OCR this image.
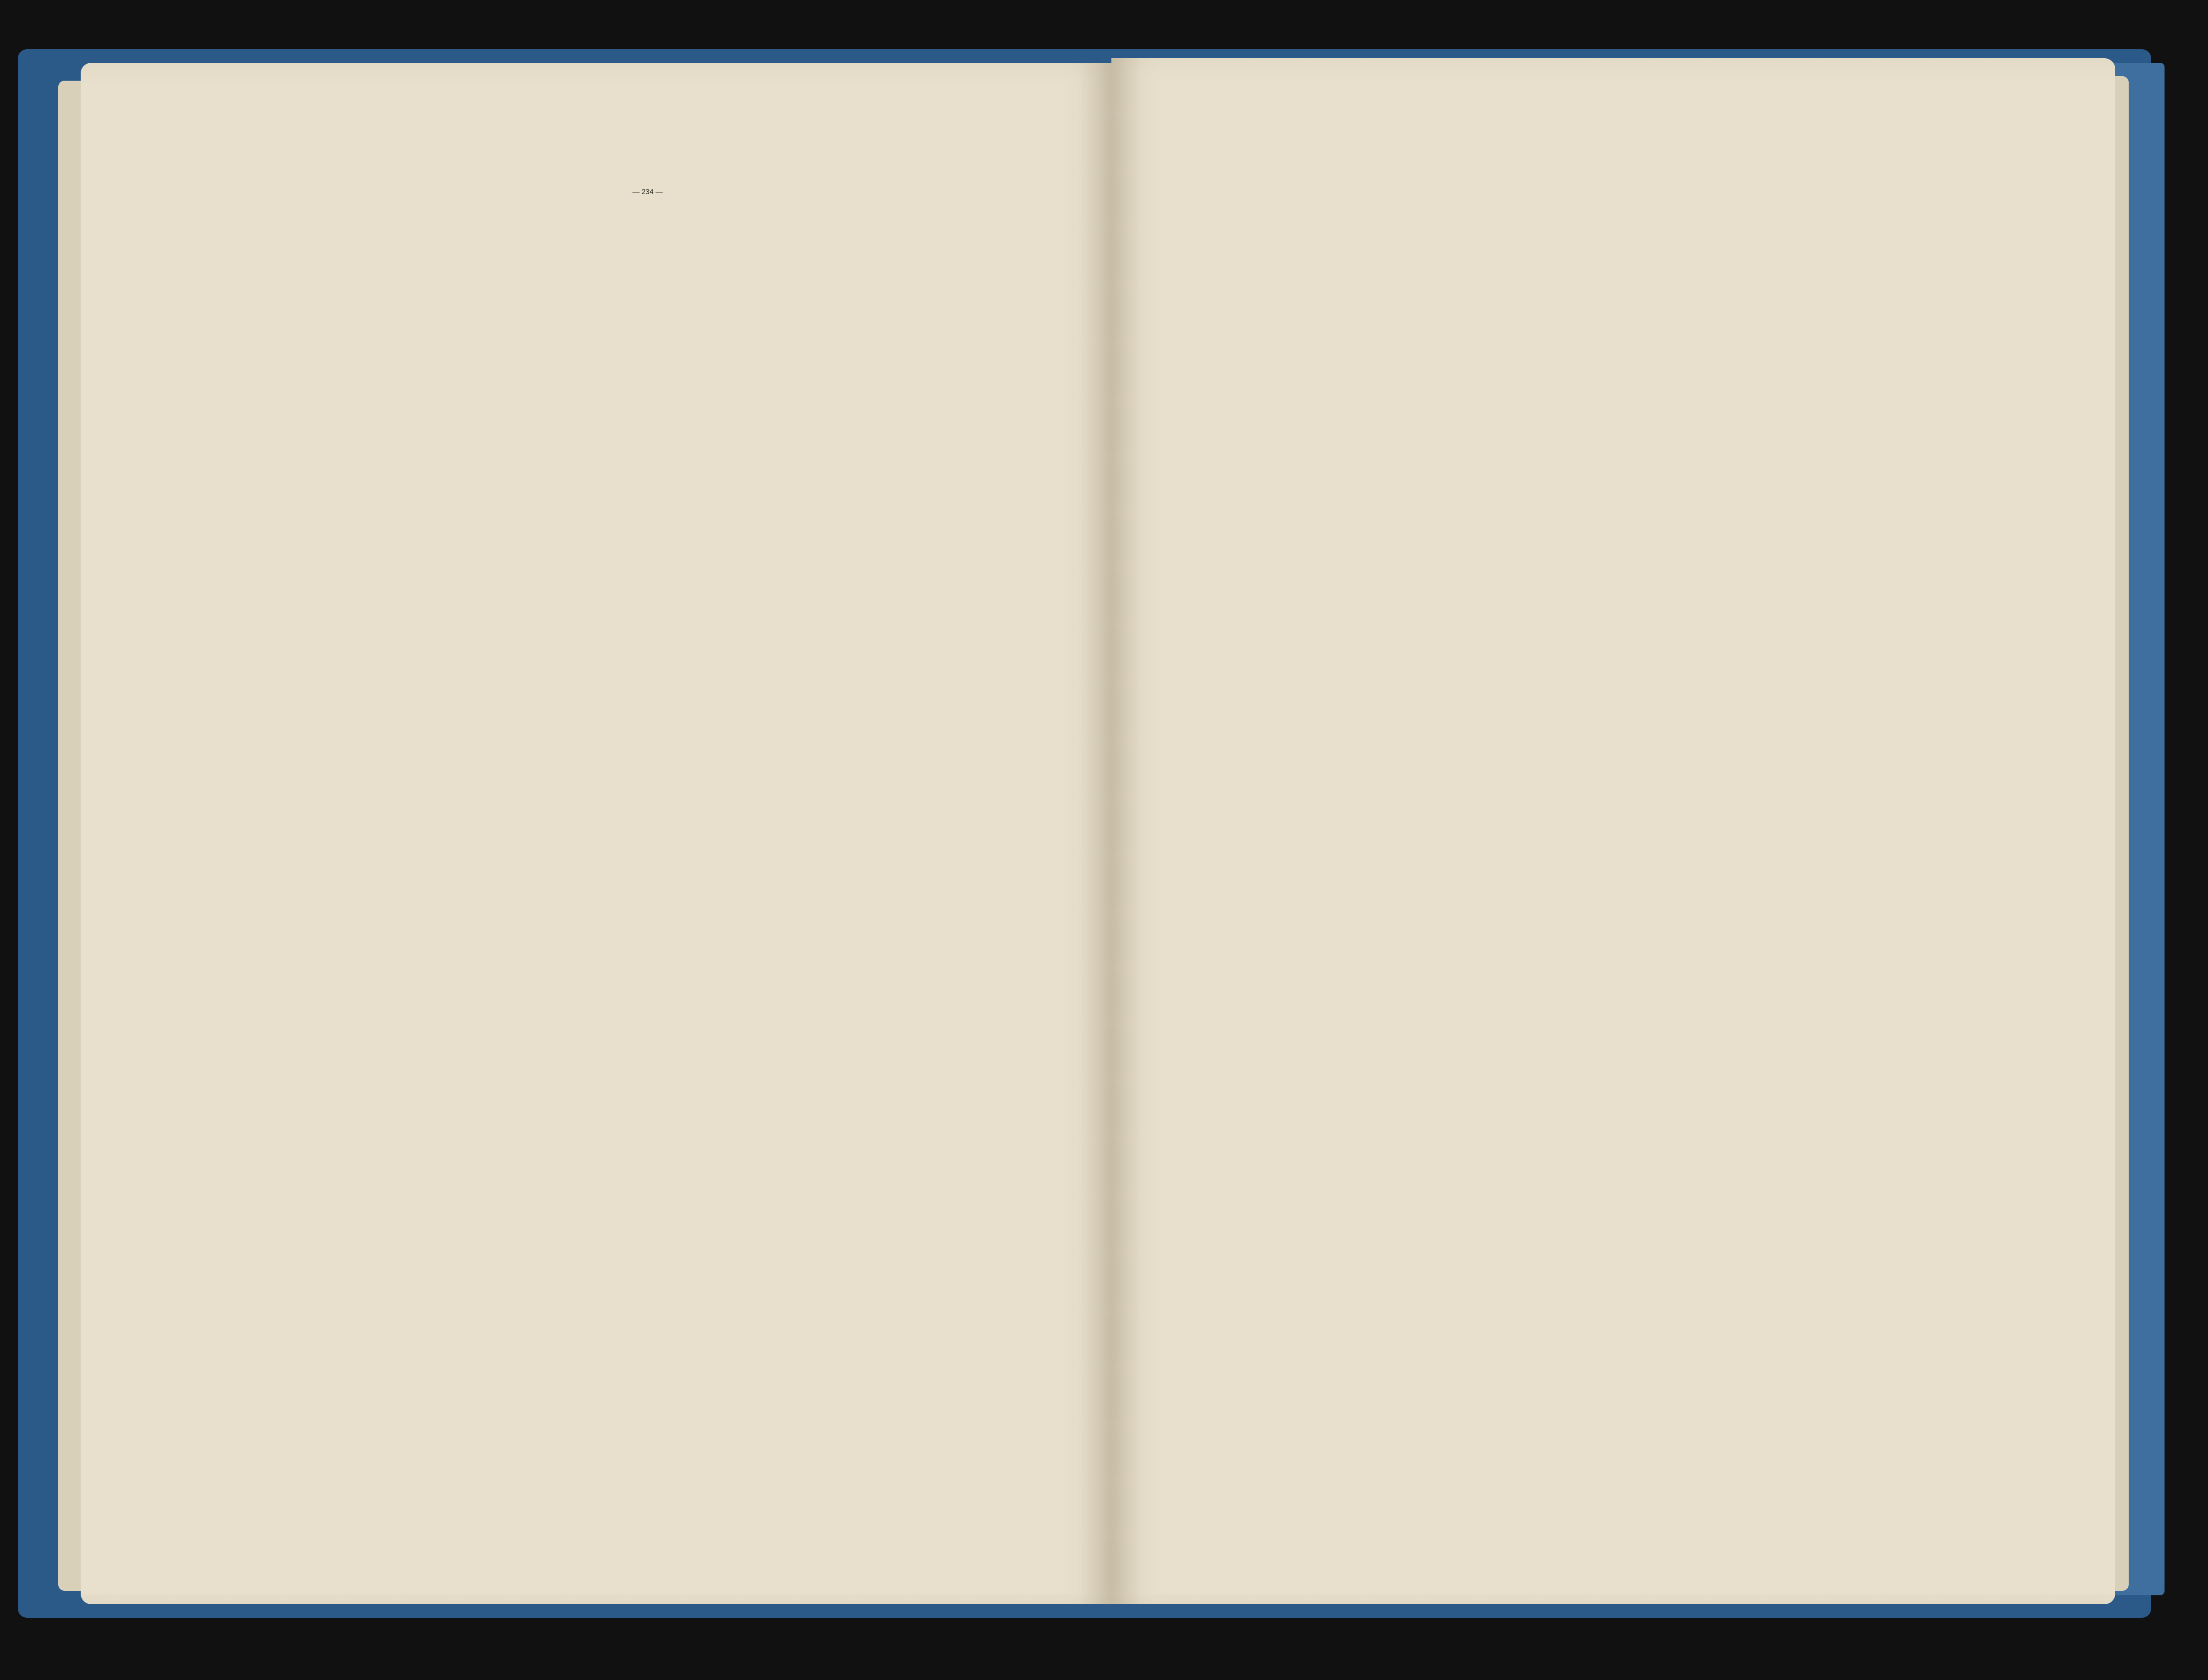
— 234 —
